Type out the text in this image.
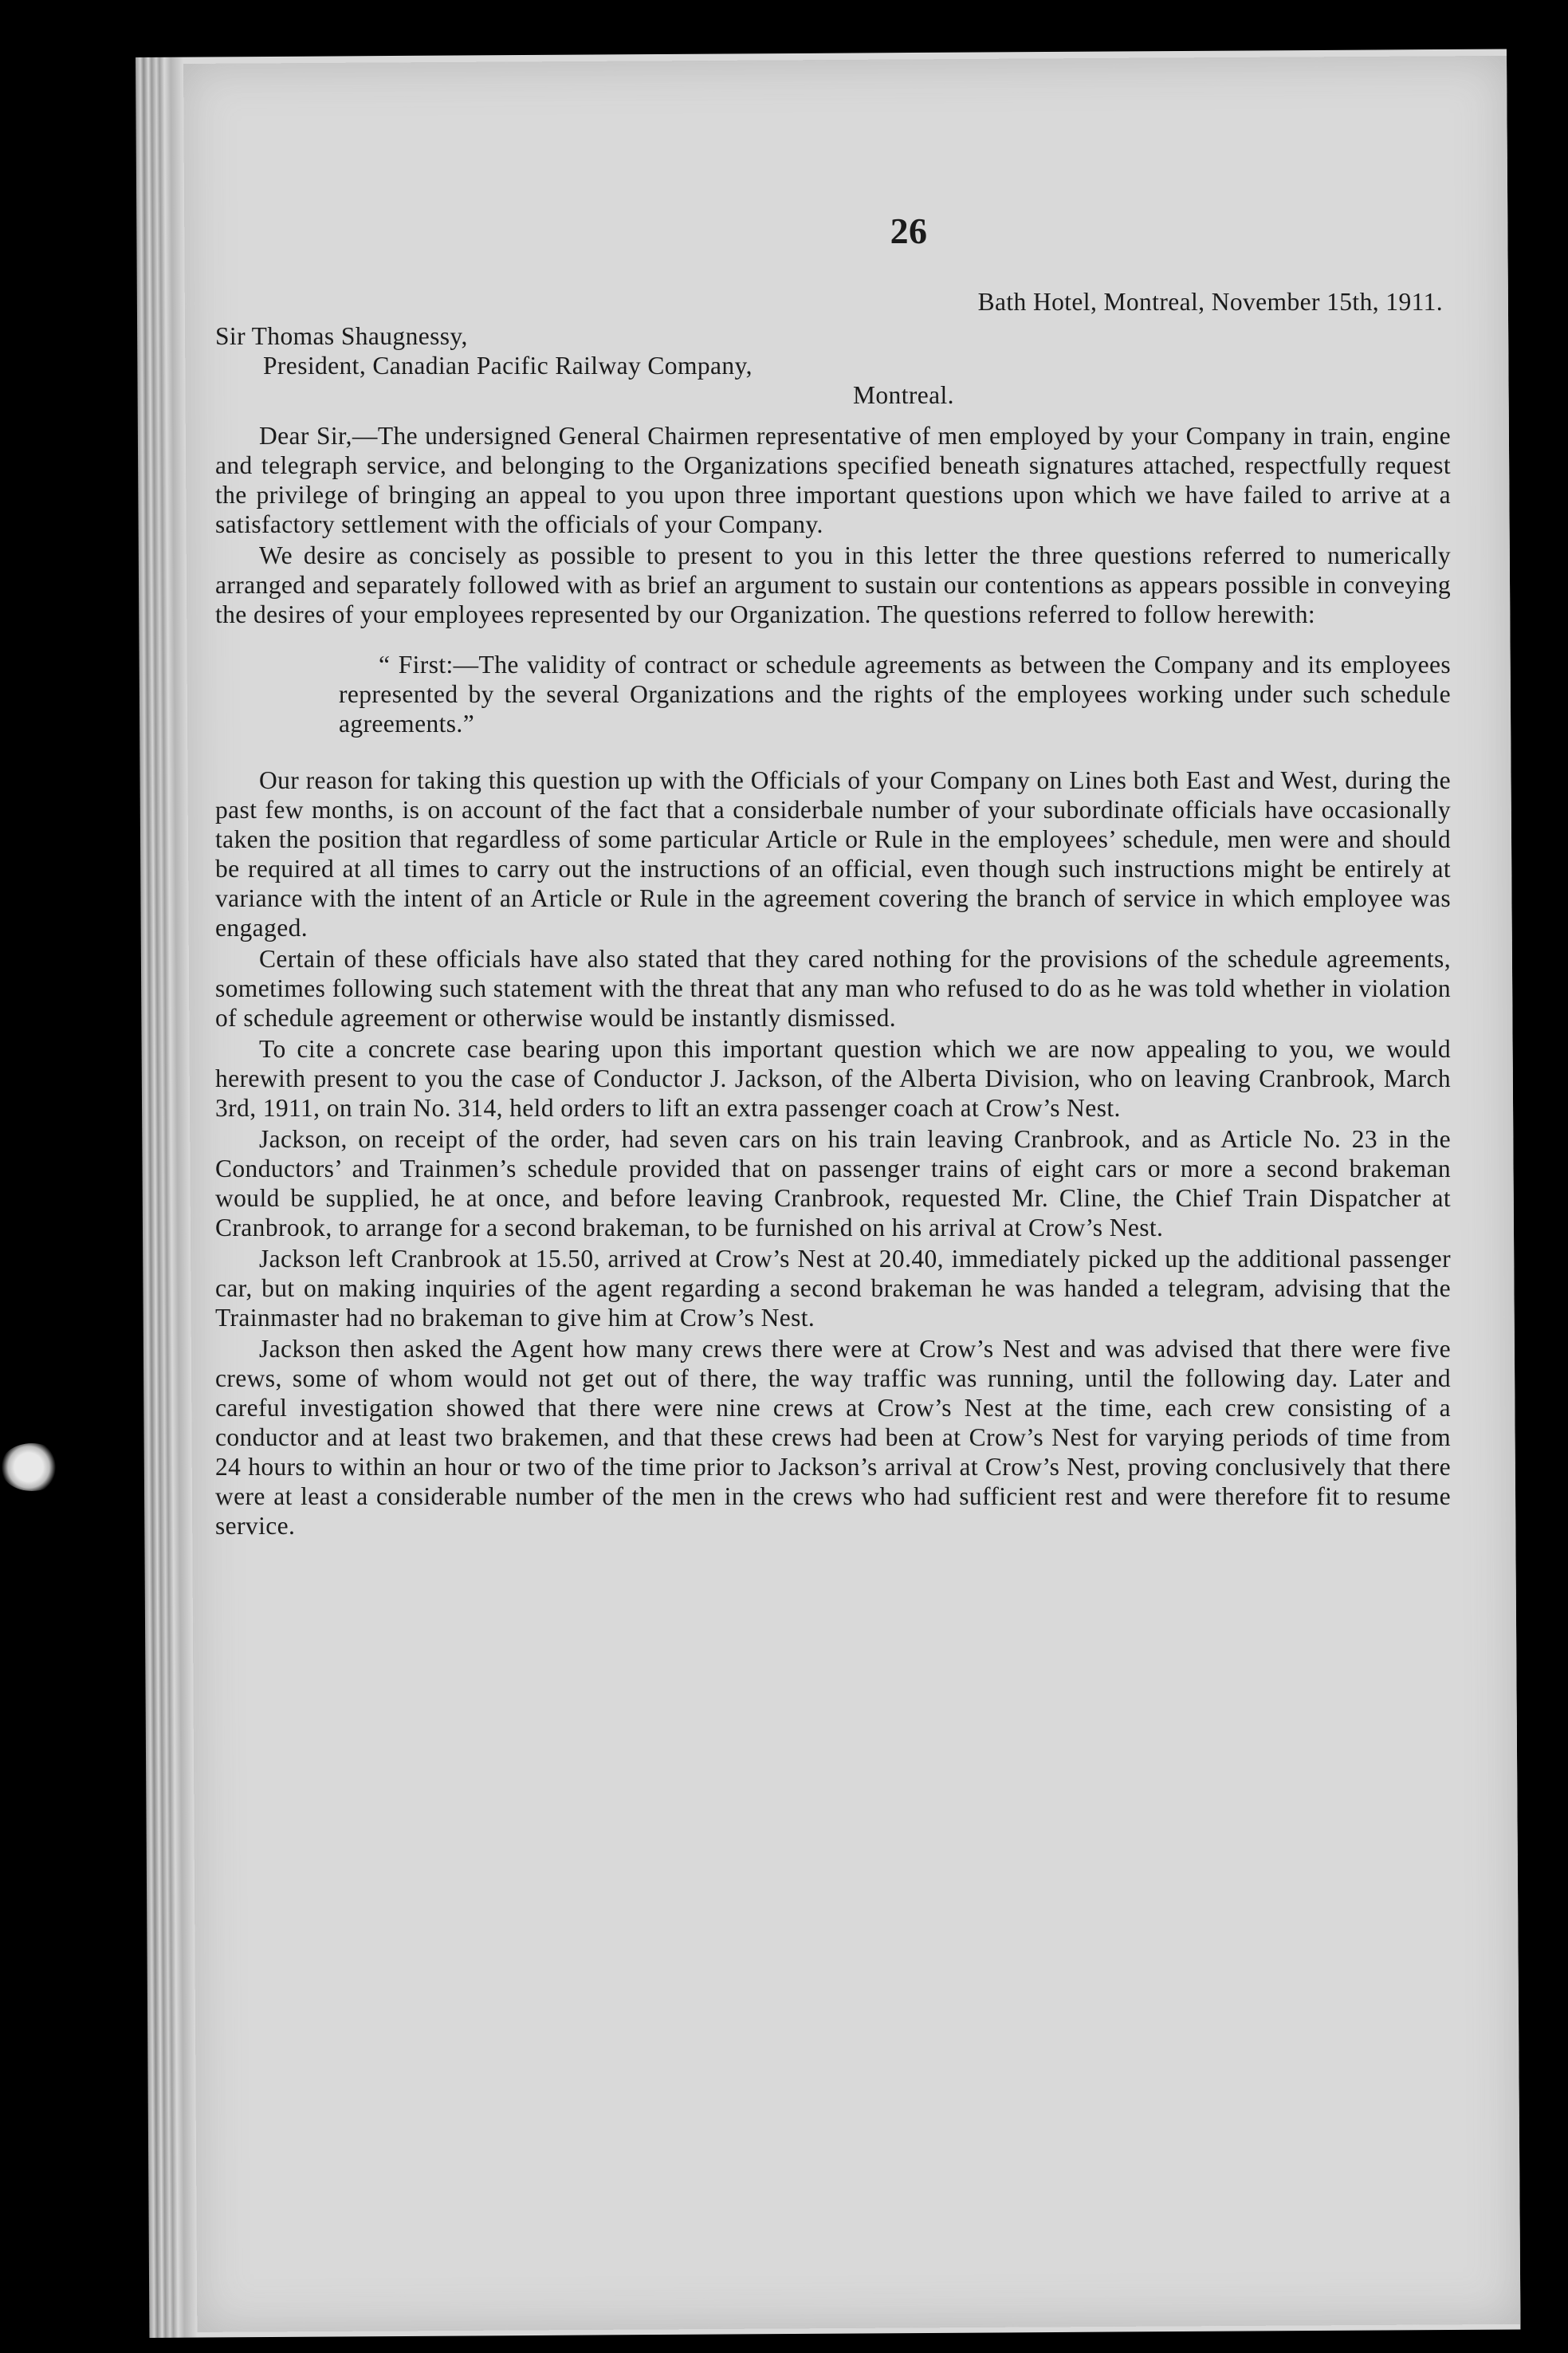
26
Bath Hotel, Montreal, November 15th, 1911.
Sir Thomas Shaugnessy,
President, Canadian Pacific Railway Company,
Montreal.

Dear Sir,—The undersigned General Chairmen representative of men employed by your Company in train, engine and telegraph service, and belonging to the Organizations specified beneath signatures attached, respectfully request the privilege of bringing an appeal to you upon three important questions upon which we have failed to arrive at a satisfactory settlement with the officials of your Company.

We desire as concisely as possible to present to you in this letter the three questions referred to numerically arranged and separately followed with as brief an argument to sustain our contentions as appears possible in conveying the desires of your employees represented by our Organization. The questions referred to follow herewith:

“ First:—The validity of contract or schedule agreements as between the Company and its employees represented by the several Organizations and the rights of the employees working under such schedule agreements.”

Our reason for taking this question up with the Officials of your Company on Lines both East and West, during the past few months, is on account of the fact that a considerbale number of your subordinate officials have occasionally taken the position that regardless of some particular Article or Rule in the employees’ schedule, men were and should be required at all times to carry out the instructions of an official, even though such instructions might be entirely at variance with the intent of an Article or Rule in the agreement covering the branch of service in which employee was engaged.

Certain of these officials have also stated that they cared nothing for the provisions of the schedule agreements, sometimes following such statement with the threat that any man who refused to do as he was told whether in violation of schedule agreement or otherwise would be instantly dismissed.

To cite a concrete case bearing upon this important question which we are now appealing to you, we would herewith present to you the case of Conductor J. Jackson, of the Alberta Division, who on leaving Cranbrook, March 3rd, 1911, on train No. 314, held orders to lift an extra passenger coach at Crow’s Nest.

Jackson, on receipt of the order, had seven cars on his train leaving Cranbrook, and as Article No. 23 in the Conductors’ and Trainmen’s schedule provided that on passenger trains of eight cars or more a second brakeman would be supplied, he at once, and before leaving Cranbrook, requested Mr. Cline, the Chief Train Dispatcher at Cranbrook, to arrange for a second brakeman, to be furnished on his arrival at Crow’s Nest.

Jackson left Cranbrook at 15.50, arrived at Crow’s Nest at 20.40, immediately picked up the additional passenger car, but on making inquiries of the agent regarding a second brakeman he was handed a telegram, advising that the Trainmaster had no brakeman to give him at Crow’s Nest.

Jackson then asked the Agent how many crews there were at Crow’s Nest and was advised that there were five crews, some of whom would not get out of there, the way traffic was running, until the following day. Later and careful investigation showed that there were nine crews at Crow’s Nest at the time, each crew consisting of a conductor and at least two brakemen, and that these crews had been at Crow’s Nest for varying periods of time from 24 hours to within an hour or two of the time prior to Jackson’s arrival at Crow’s Nest, proving conclusively that there were at least a considerable number of the men in the crews who had sufficient rest and were therefore fit to resume service.
